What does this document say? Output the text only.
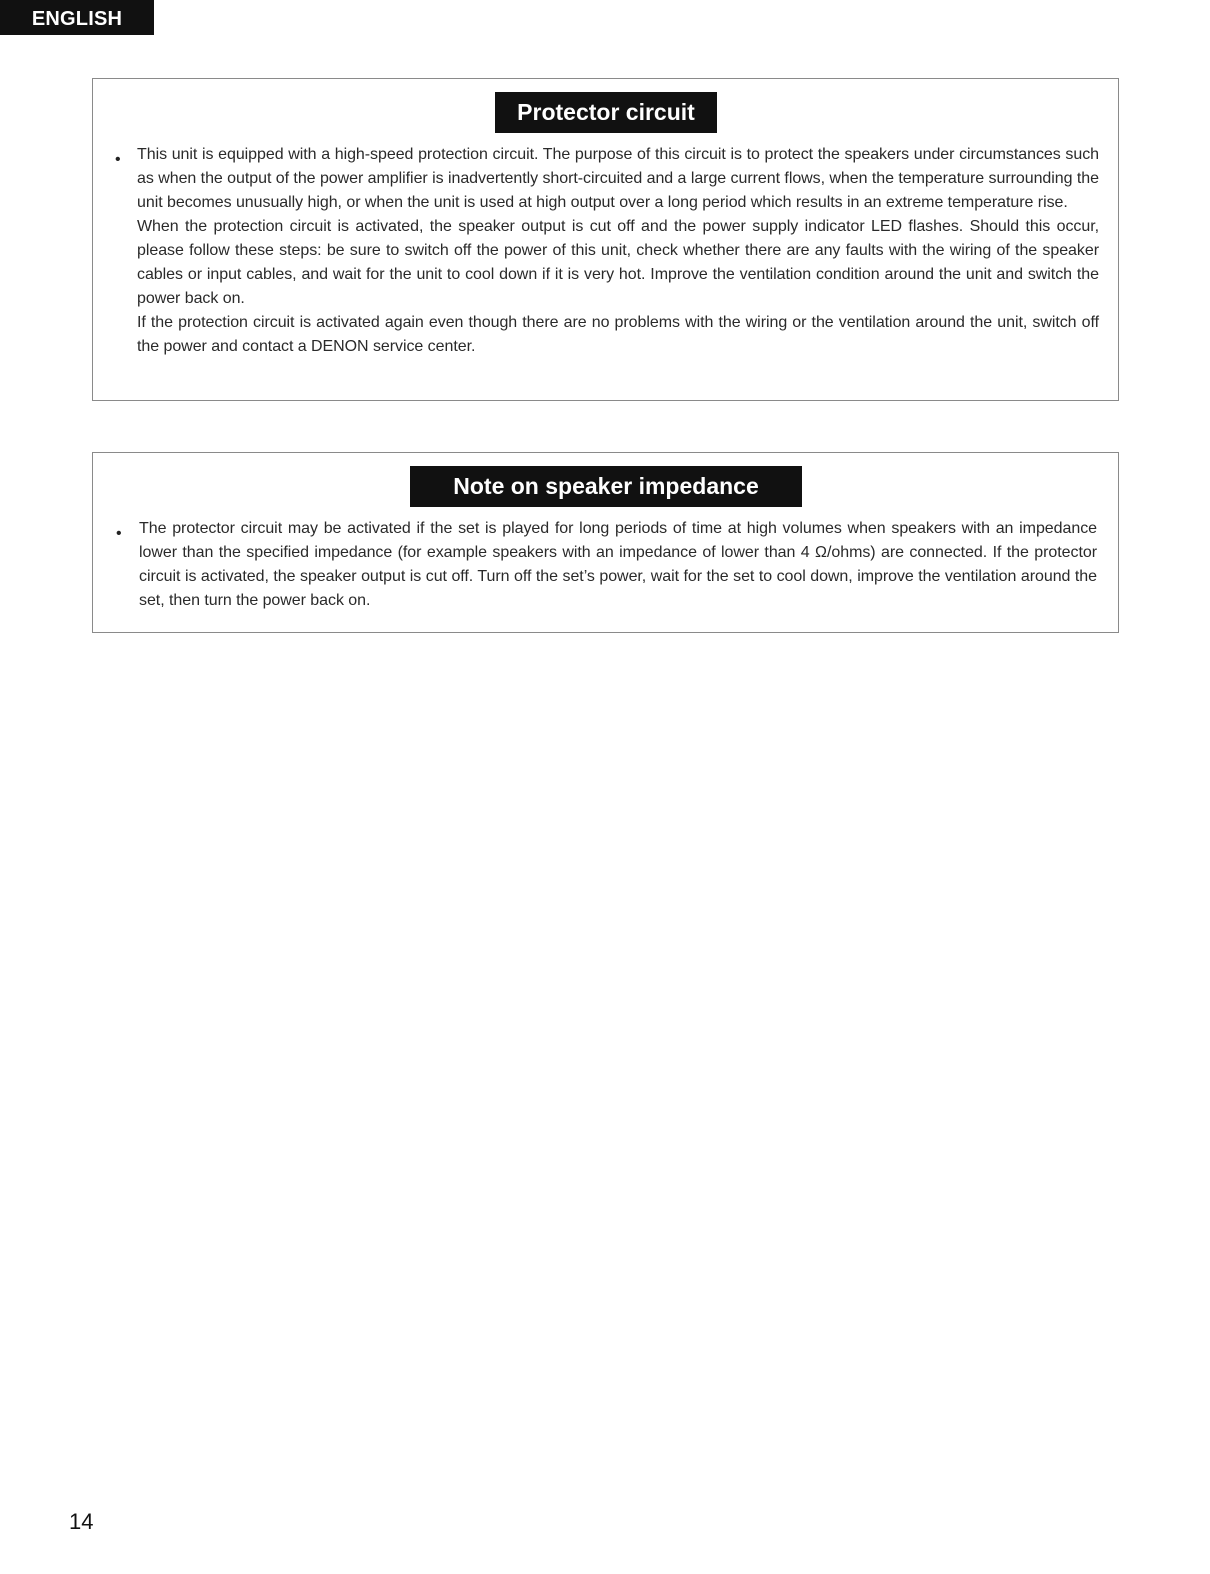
ENGLISH
Protector circuit
• This unit is equipped with a high-speed protection circuit. The purpose of this circuit is to protect the speakers under circumstances such as when the output of the power amplifier is inadvertently short-circuited and a large current flows, when the temperature surrounding the unit becomes unusually high, or when the unit is used at high output over a long period which results in an extreme temperature rise.

When the protection circuit is activated, the speaker output is cut off and the power supply indicator LED flashes. Should this occur, please follow these steps: be sure to switch off the power of this unit, check whether there are any faults with the wiring of the speaker cables or input cables, and wait for the unit to cool down if it is very hot. Improve the ventilation condition around the unit and switch the power back on.

If the protection circuit is activated again even though there are no problems with the wiring or the ventilation around the unit, switch off the power and contact a DENON service center.

Note on speaker impedance
• The protector circuit may be activated if the set is played for long periods of time at high volumes when speakers with an impedance lower than the specified impedance (for example speakers with an impedance of lower than 4 Ω/ohms) are connected. If the protector circuit is activated, the speaker output is cut off. Turn off the set’s power, wait for the set to cool down, improve the ventilation around the set, then turn the power back on.

14
